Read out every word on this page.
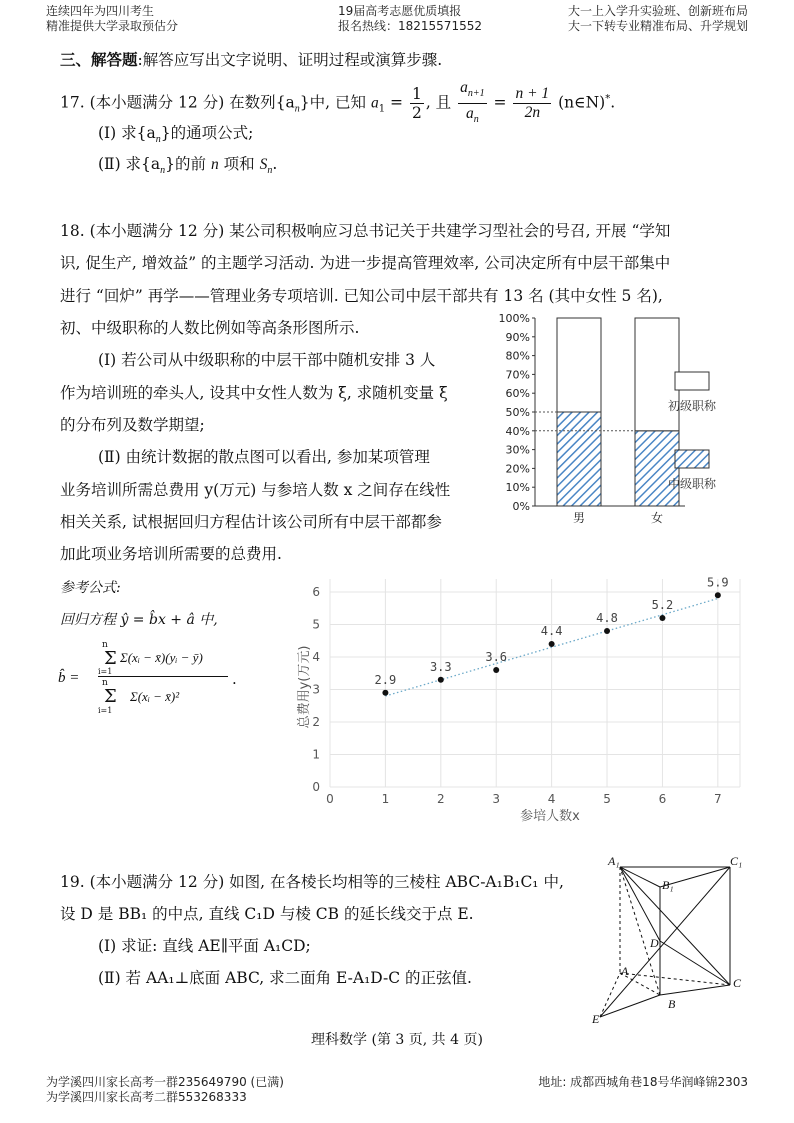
连续四年为四川考生
精准提供大学录取预估分
19届高考志愿优质填报
报名热线：18215571552
大一上入学升实验班、创新班布局
大一下转专业精准布局、升学规划
三、解答题:解答应写出文字说明、证明过程或演算步骤.
17. (本小题满分 12 分) 在数列$\{a_n\}$中, 已知 $a_1 = \frac{1}{2}$ , 且 $\frac{a_{n+1}}{a_n} = \frac{n + 1}{2n}$ (n∈N)*.
(Ⅰ) 求$\{a_n\}$的通项公式;
(Ⅱ) 求$\{a_n\}$的前 n 项和 $S_n$.
18. (本小题满分 12 分) 某公司积极响应习总书记关于共建学习型社会的号召, 开展 “学知
识, 促生产, 增效益” 的主题学习活动. 为进一步提高管理效率, 公司决定所有中层干部集中
进行 “回炉” 再学——管理业务专项培训. 已知公司中层干部共有 13 名 (其中女性 5 名),
初、中级职称的人数比例如等高条形图所示.
(Ⅰ) 若公司从中级职称的中层干部中随机安排 3 人
作为培训班的牵头人, 设其中女性人数为 ξ, 求随机变量 ξ
的分布列及数学期望;
(Ⅱ) 由统计数据的散点图可以看出, 参加某项管理
业务培训所需总费用 y(万元) 与参培人数 x 之间存在线性
相关关系, 试根据回归方程估计该公司所有中层干部都参
加此项业务培训所需要的总费用.
参考公式:
回归方程 ŷ = b̂x + â 中,
b̂ =
n
Σ
i=1
Σ(xᵢ − x̄)(yᵢ − ȳ)
n
Σ
i=1
Σ(xᵢ − x̄)²
.
0%
10%
20%
30%
40%
50%
60%
70%
80%
90%
100%
男	女
初级职称
中级职称
0	1	2	3	4	5	6	7
0
1
2
3
4
5
6
2.9
3.3
3.6
4.4
4.8
5.2
5.9
参培人数x
总费用y(万元)
19. (本小题满分 12 分) 如图, 在各棱长均相等的三棱柱 ABC-A₁B₁C₁ 中,
设 D 是 BB₁ 的中点, 直线 C₁D 与棱 CB 的延长线交于点 E.
(Ⅰ) 求证: 直线 AE∥平面 A₁CD;
(Ⅱ) 若 AA₁⊥底面 ABC, 求二面角 E-A₁D-C 的正弦值.
A₁	C₁
B₁
D
A
C
B
E
理科数学 (第 3 页, 共 4 页)
为学溪四川家长高考一群235649790 (已满)
为学溪四川家长高考二群553268333
地址: 成都西城角巷18号华润峰锦2303
